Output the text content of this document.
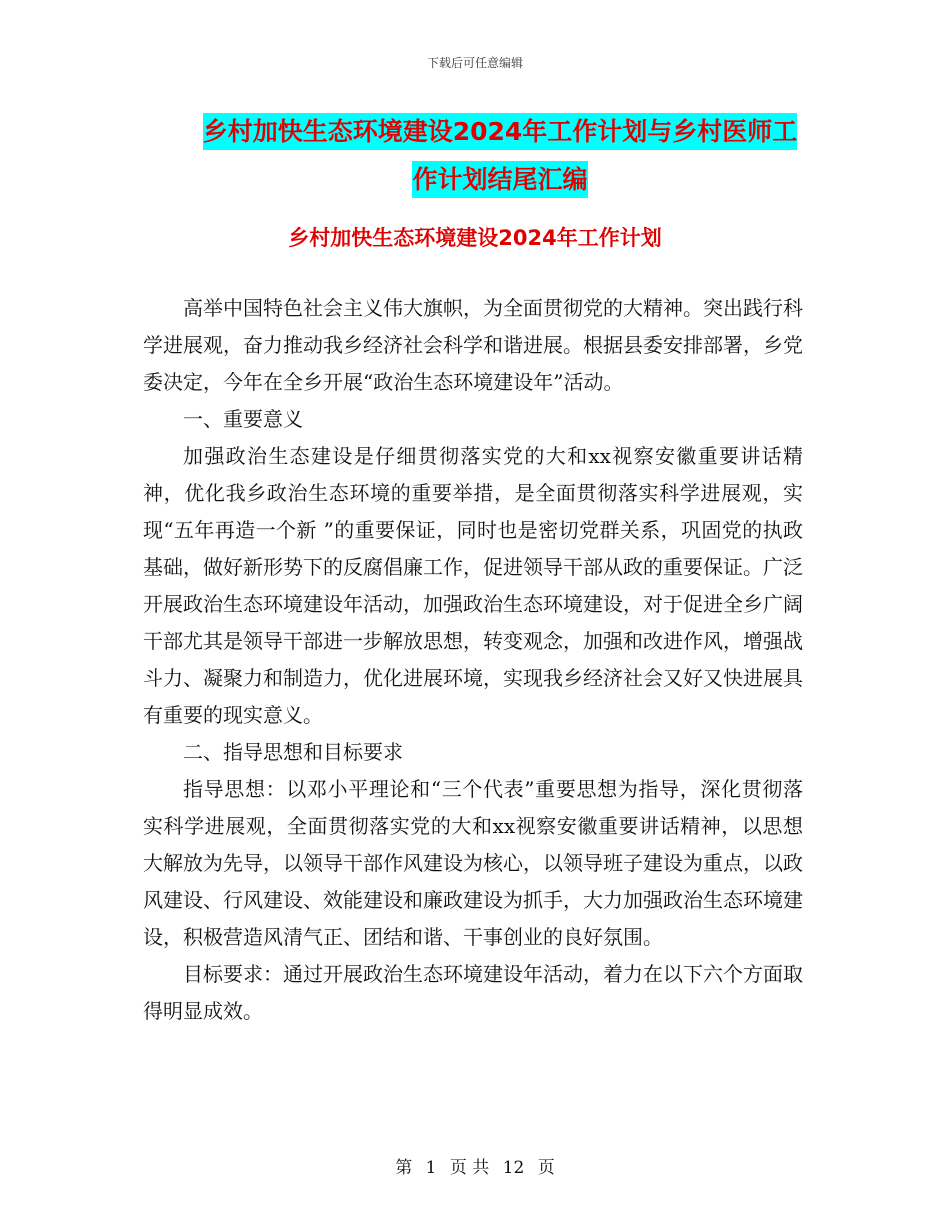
下载后可任意编辑
乡村加快生态环境建设2024年工作计划与乡村医师工
作计划结尾汇编
乡村加快生态环境建设2024年工作计划

高举中国特色社会主义伟大旗帜，为全面贯彻党的大精神。突出践行科学进展观，奋力推动我乡经济社会科学和谐进展。根据县委安排部署，乡党委决定，今年在全乡开展“政治生态环境建设年”活动。

一、重要意义

加强政治生态建设是仔细贯彻落实党的大和xx视察安徽重要讲话精神，优化我乡政治生态环境的重要举措，是全面贯彻落实科学进展观，实现“五年再造一个新 ”的重要保证，同时也是密切党群关系，巩固党的执政基础，做好新形势下的反腐倡廉工作，促进领导干部从政的重要保证。广泛开展政治生态环境建设年活动，加强政治生态环境建设，对于促进全乡广阔干部尤其是领导干部进一步解放思想，转变观念，加强和改进作风，增强战斗力、凝聚力和制造力，优化进展环境，实现我乡经济社会又好又快进展具有重要的现实意义。

二、指导思想和目标要求

指导思想：以邓小平理论和“三个代表”重要思想为指导，深化贯彻落实科学进展观，全面贯彻落实党的大和xx视察安徽重要讲话精神，以思想大解放为先导，以领导干部作风建设为核心，以领导班子建设为重点，以政风建设、行风建设、效能建设和廉政建设为抓手，大力加强政治生态环境建设，积极营造风清气正、团结和谐、干事创业的良好氛围。

目标要求：通过开展政治生态环境建设年活动，着力在以下六个方面取得明显成效。

第 1 页 共 12 页
